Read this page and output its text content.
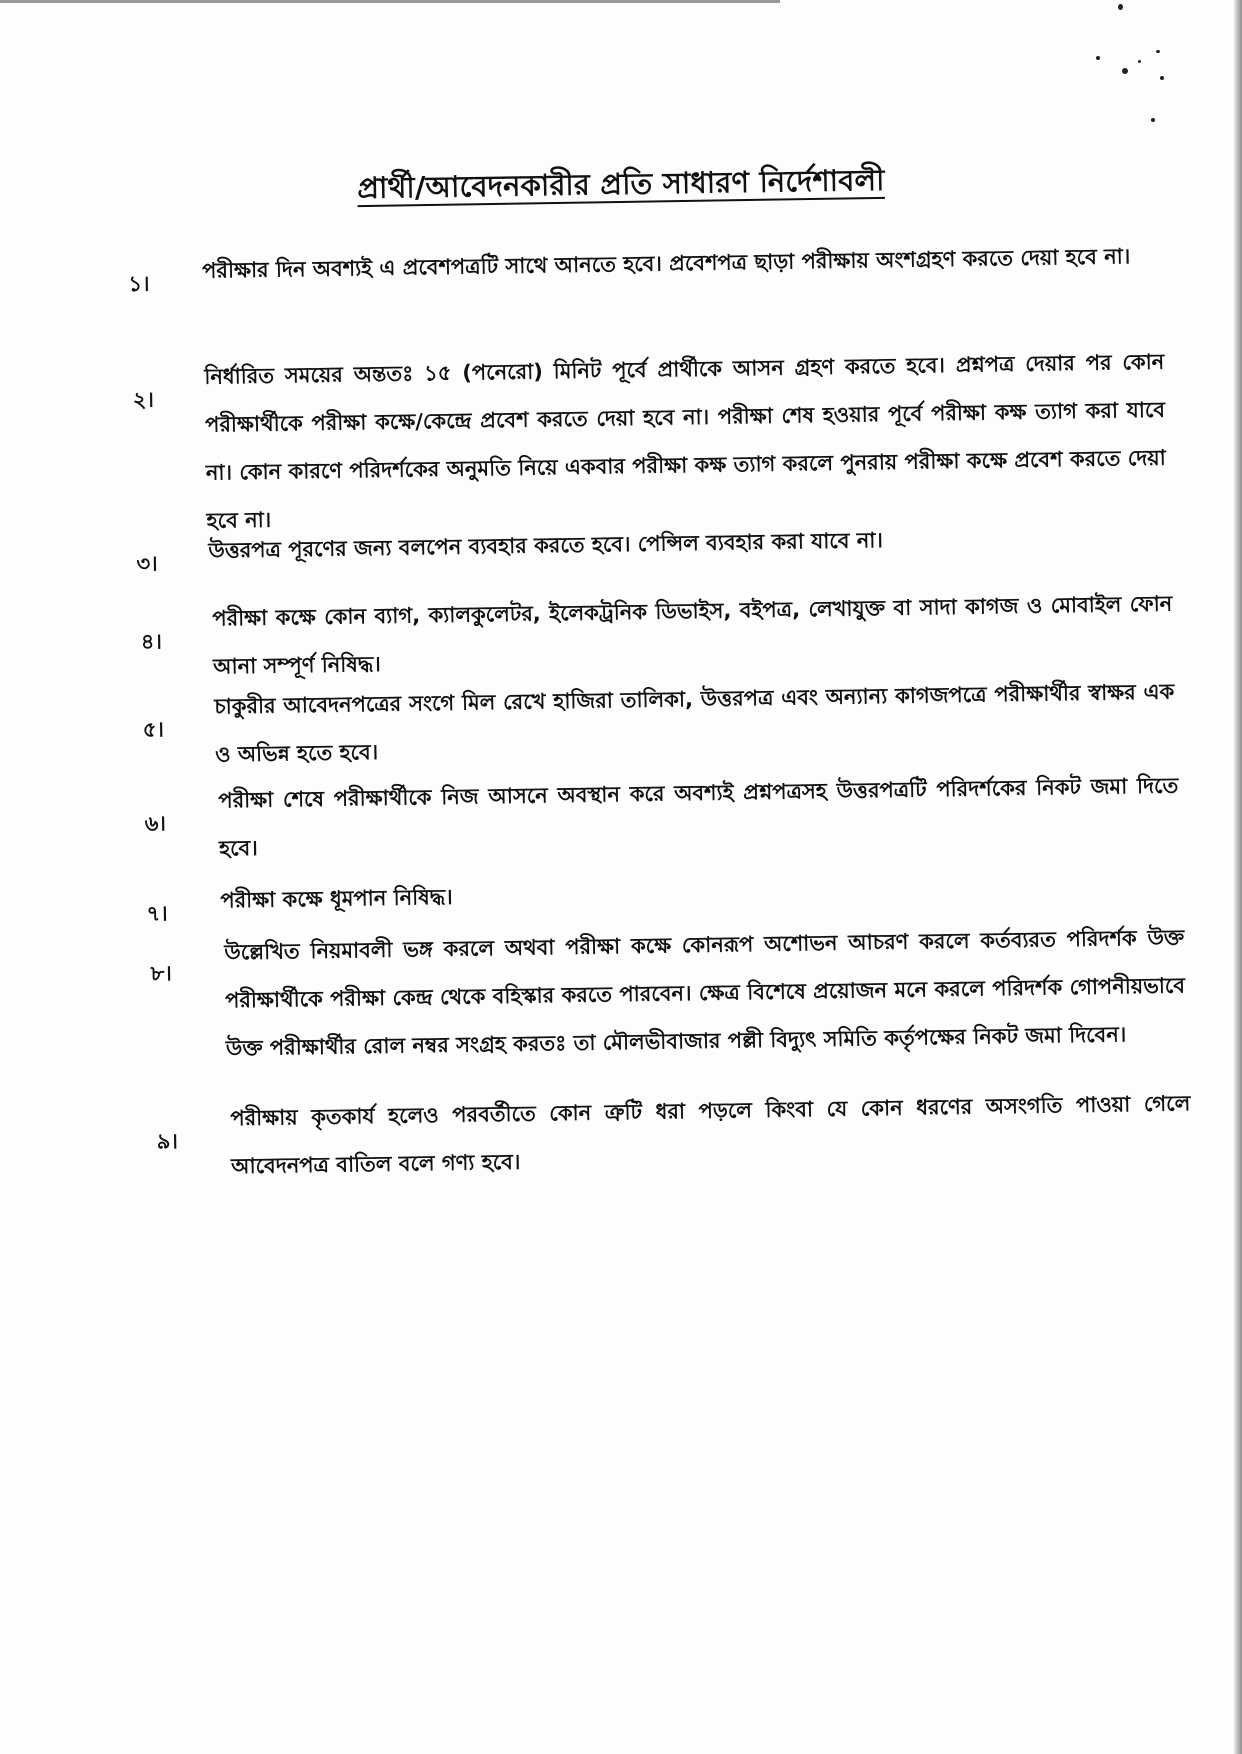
প্রার্থী/আবেদনকারীর প্রতি সাধারণ নির্দেশাবলী
১।
পরীক্ষার দিন অবশ্যই এ প্রবেশপত্রটি সাথে আনতে হবে। প্রবেশপত্র ছাড়া পরীক্ষায় অংশগ্রহণ করতে দেয়া হবে না।
২।
নির্ধারিত সময়ের অন্ততঃ ১৫ (পনেরো) মিনিট পূর্বে প্রার্থীকে আসন গ্রহণ করতে হবে। প্রশ্নপত্র দেয়ার পর কোন পরীক্ষার্থীকে পরীক্ষা কক্ষে/কেন্দ্রে প্রবেশ করতে দেয়া হবে না। পরীক্ষা শেষ হওয়ার পূর্বে পরীক্ষা কক্ষ ত্যাগ করা যাবে না। কোন কারণে পরিদর্শকের অনুমতি নিয়ে একবার পরীক্ষা কক্ষ ত্যাগ করলে পুনরায় পরীক্ষা কক্ষে প্রবেশ করতে দেয়া হবে না।
৩।
উত্তরপত্র পূরণের জন্য বলপেন ব্যবহার করতে হবে। পেন্সিল ব্যবহার করা যাবে না।
৪।
পরীক্ষা কক্ষে কোন ব্যাগ, ক্যালকুলেটর, ইলেকট্রনিক ডিভাইস, বইপত্র, লেখাযুক্ত বা সাদা কাগজ ও মোবাইল ফোন আনা সম্পূর্ণ নিষিদ্ধ।
৫।
চাকুরীর আবেদনপত্রের সংগে মিল রেখে হাজিরা তালিকা, উত্তরপত্র এবং অন্যান্য কাগজপত্রে পরীক্ষার্থীর স্বাক্ষর এক ও অভিন্ন হতে হবে।
৬।
পরীক্ষা শেষে পরীক্ষার্থীকে নিজ আসনে অবস্থান করে অবশ্যই প্রশ্নপত্রসহ উত্তরপত্রটি পরিদর্শকের নিকট জমা দিতে হবে।
৭।
পরীক্ষা কক্ষে ধূমপান নিষিদ্ধ।
৮।
উল্লেখিত নিয়মাবলী ভঙ্গ করলে অথবা পরীক্ষা কক্ষে কোনরূপ অশোভন আচরণ করলে কর্তব্যরত পরিদর্শক উক্ত পরীক্ষার্থীকে পরীক্ষা কেন্দ্র থেকে বহিস্কার করতে পারবেন। ক্ষেত্র বিশেষে প্রয়োজন মনে করলে পরিদর্শক গোপনীয়ভাবে উক্ত পরীক্ষার্থীর রোল নম্বর সংগ্রহ করতঃ তা মৌলভীবাজার পল্লী বিদ্যুৎ সমিতি কর্তৃপক্ষের নিকট জমা দিবেন।
৯।
পরীক্ষায় কৃতকার্য হলেও পরবর্তীতে কোন ত্রুটি ধরা পড়লে কিংবা যে কোন ধরণের অসংগতি পাওয়া গেলে আবেদনপত্র বাতিল বলে গণ্য হবে।
